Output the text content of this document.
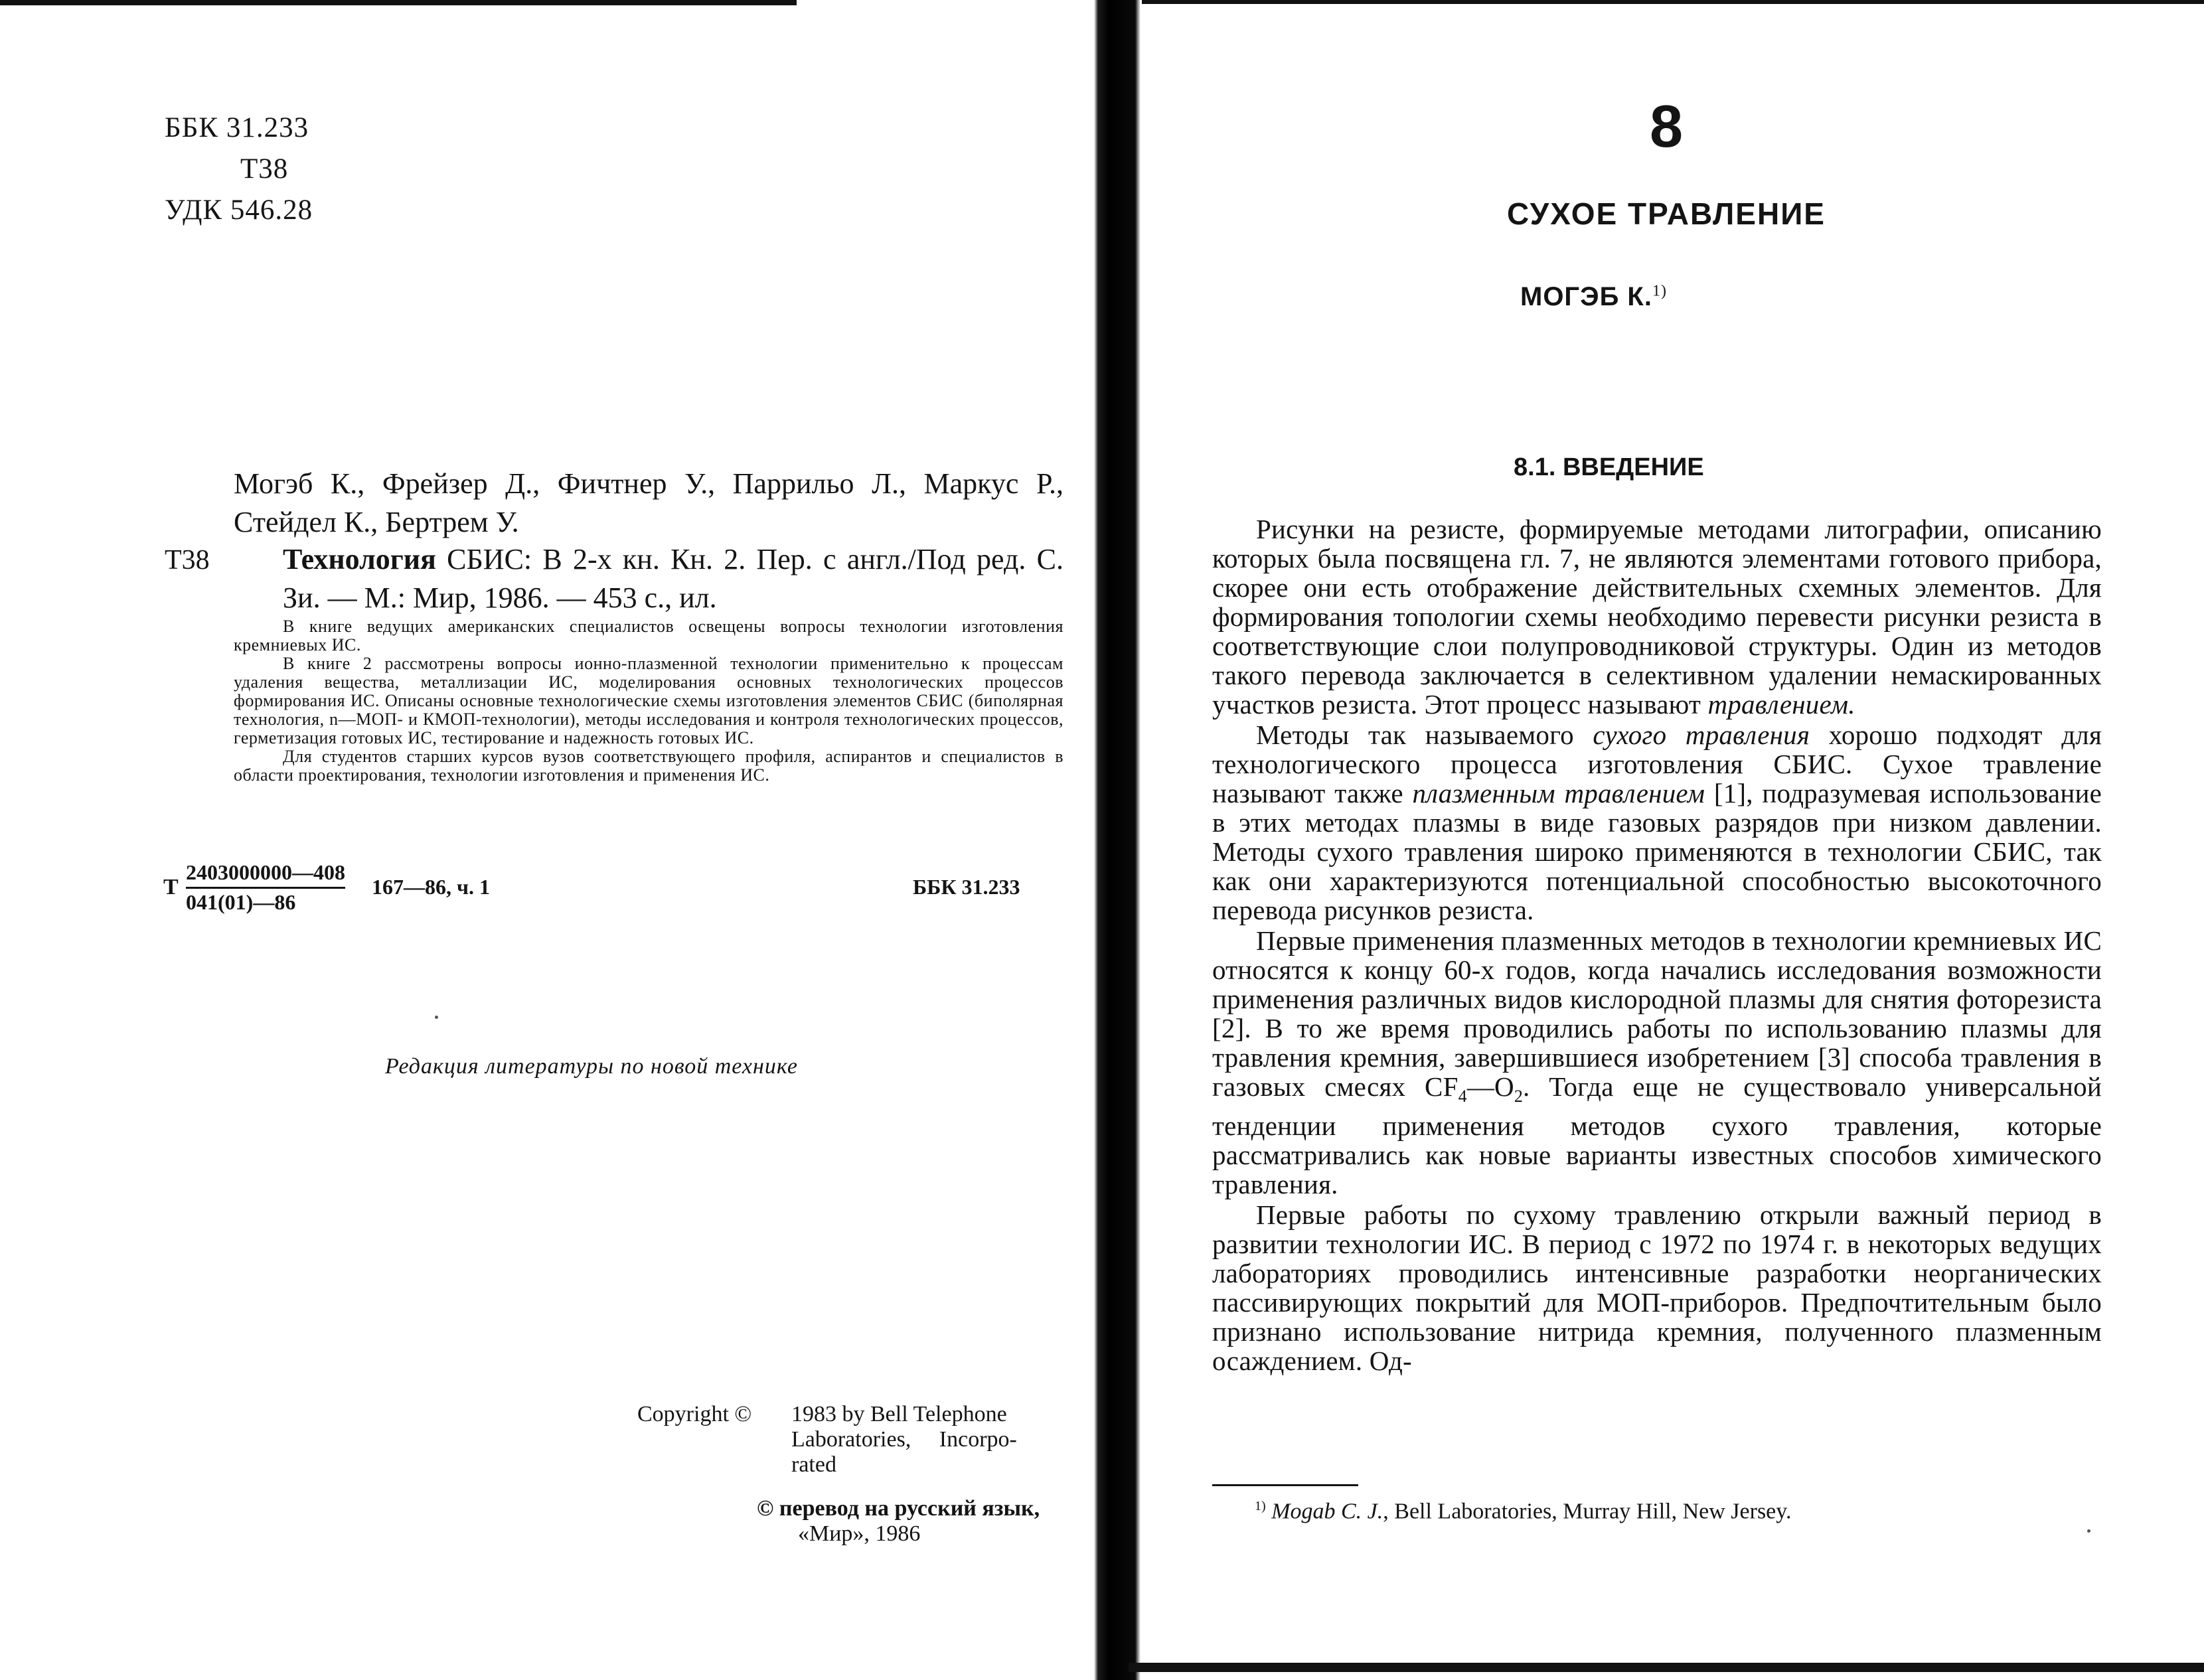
ББК 31.233
Т38
УДК 546.28
Могэб К., Фрейзер Д., Фичтнер У., Паррильо Л., Маркус Р., Стейдел К., Бертрем У.
Т38	Технология СБИС: В 2-х кн. Кн. 2. Пер. с англ./Под ред. С. Зи. — М.: Мир, 1986. — 453 с., ил.

В книге ведущих американских специалистов освещены вопросы технологии изготовления кремниевых ИС.

В книге 2 рассмотрены вопросы ионно-плазменной технологии применительно к процессам удаления вещества, металлизации ИС, моделирования основных технологических процессов формирования ИС. Описаны основные технологические схемы изготовления элементов СБИС (биполярная технология, n—МОП- и КМОП-технологии), методы исследования и контроля технологических процессов, герметизация готовых ИС, тестирование и надежность готовых ИС.

Для студентов старших курсов вузов соответствующего профиля, аспирантов и специалистов в области проектирования, технологии изготовления и применения ИС.

Т $\frac{2403000000—408}{041(01)—86}$ 167—86, ч. 1	ББК 31.233
Редакция литературы по новой технике
Copyright © 1983 by Bell Telephone
Laboratories,     Incorpo-
rated
© перевод на русский язык,
«Мир», 1986
8
СУХОЕ ТРАВЛЕНИЕ
МОГЭБ К.$^{1)}$
8.1. ВВЕДЕНИЕ

Рисунки на резисте, формируемые методами литографии, описанию которых была посвящена гл. 7, не являются элементами готового прибора, скорее они есть отображение действительных схемных элементов. Для формирования топологии схемы необходимо перевести рисунки резиста в соответствующие слои полупроводниковой структуры. Один из методов такого перевода заключается в селективном удалении немаскированных участков резиста. Этот процесс называют травлением.

Методы так называемого сухого травления хорошо подходят для технологического процесса изготовления СБИС. Сухое травление называют также плазменным травлением [1], подразумевая использование в этих методах плазмы в виде газовых разрядов при низком давлении. Методы сухого травления широко применяются в технологии СБИС, так как они характеризуются потенциальной способностью высокоточного перевода рисунков резиста.

Первые применения плазменных методов в технологии кремниевых ИС относятся к концу 60-х годов, когда начались исследования возможности применения различных видов кислородной плазмы для снятия фоторезиста [2]. В то же время проводились работы по использованию плазмы для травления кремния, завершившиеся изобретением [3] способа травления в газовых смесях $CF_4—O_2$. Тогда еще не существовало универсальной тенденции применения методов сухого травления, которые рассматривались как новые варианты известных способов химического травления.

Первые работы по сухому травлению открыли важный период в развитии технологии ИС. В период с 1972 по 1974 г. в некоторых ведущих лабораториях проводились интенсивные разработки неорганических пассивирующих покрытий для МОП-приборов. Предпочтительным было признано использование нитрида кремния, полученного плазменным осаждением. Од-

$^{1)}$ Mogab C. J., Bell Laboratories, Murray Hill, New Jersey.
